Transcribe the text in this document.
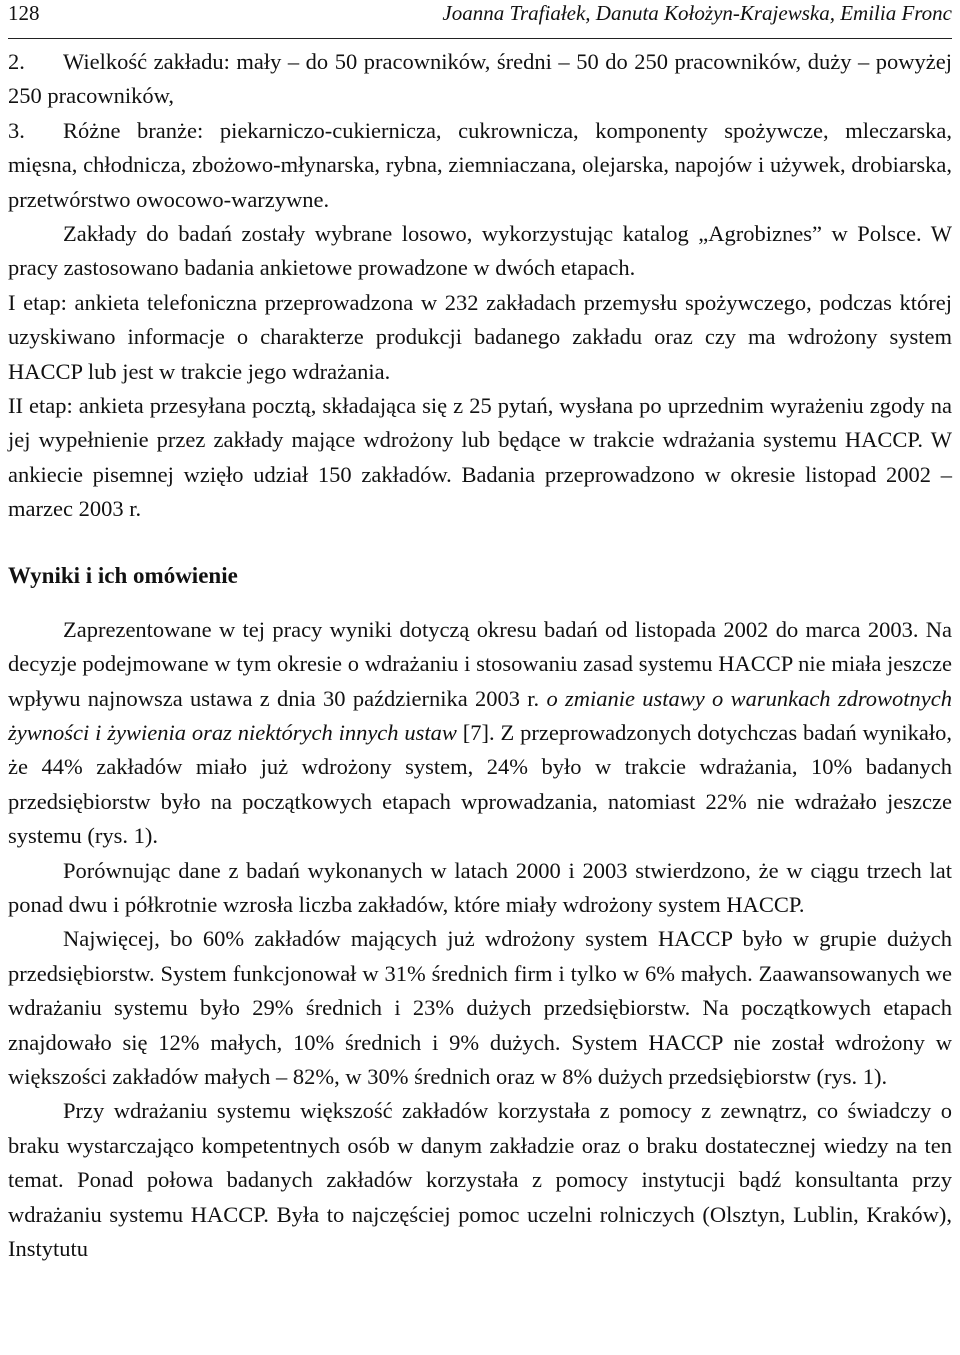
128	Joanna Trafiałek, Danuta Kołożyn-Krajewska, Emilia Fronc

2. Wielkość zakładu: mały – do 50 pracowników, średni – 50 do 250 pracowników, duży – powyżej 250 pracowników,

3. Różne branże: piekarniczo-cukiernicza, cukrownicza, komponenty spożywcze, mleczarska, mięsna, chłodnicza, zbożowo-młynarska, rybna, ziemniaczana, olejarska, napojów i używek, drobiarska, przetwórstwo owocowo-warzywne.

Zakłady do badań zostały wybrane losowo, wykorzystując katalog „Agrobiznes” w Polsce. W pracy zastosowano badania ankietowe prowadzone w dwóch etapach.

I etap: ankieta telefoniczna przeprowadzona w 232 zakładach przemysłu spożywczego, podczas której uzyskiwano informacje o charakterze produkcji badanego zakładu oraz czy ma wdrożony system HACCP lub jest w trakcie jego wdrażania.

II etap: ankieta przesyłana pocztą, składająca się z 25 pytań, wysłana po uprzednim wyrażeniu zgody na jej wypełnienie przez zakłady mające wdrożony lub będące w trakcie wdrażania systemu HACCP. W ankiecie pisemnej wzięło udział 150 zakładów. Badania przeprowadzono w okresie listopad 2002 – marzec 2003 r.

Wyniki i ich omówienie

Zaprezentowane w tej pracy wyniki dotyczą okresu badań od listopada 2002 do marca 2003. Na decyzje podejmowane w tym okresie o wdrażaniu i stosowaniu zasad systemu HACCP nie miała jeszcze wpływu najnowsza ustawa z dnia 30 października 2003 r. o zmianie ustawy o warunkach zdrowotnych żywności i żywienia oraz niektórych innych ustaw [7]. Z przeprowadzonych dotychczas badań wynikało, że 44% zakładów miało już wdrożony system, 24% było w trakcie wdrażania, 10% badanych przedsiębiorstw było na początkowych etapach wprowadzania, natomiast 22% nie wdrażało jeszcze systemu (rys. 1).

Porównując dane z badań wykonanych w latach 2000 i 2003 stwierdzono, że w ciągu trzech lat ponad dwu i półkrotnie wzrosła liczba zakładów, które miały wdrożony system HACCP.

Najwięcej, bo 60% zakładów mających już wdrożony system HACCP było w grupie dużych przedsiębiorstw. System funkcjonował w 31% średnich firm i tylko w 6% małych. Zaawansowanych we wdrażaniu systemu było 29% średnich i 23% dużych przedsiębiorstw. Na początkowych etapach znajdowało się 12% małych, 10% średnich i 9% dużych. System HACCP nie został wdrożony w większości zakładów małych – 82%, w 30% średnich oraz w 8% dużych przedsiębiorstw (rys. 1).

Przy wdrażaniu systemu większość zakładów korzystała z pomocy z zewnątrz, co świadczy o braku wystarczająco kompetentnych osób w danym zakładzie oraz o braku dostatecznej wiedzy na ten temat. Ponad połowa badanych zakładów korzystała z pomocy instytucji bądź konsultanta przy wdrażaniu systemu HACCP. Była to najczęściej pomoc uczelni rolniczych (Olsztyn, Lublin, Kraków), Instytutu
